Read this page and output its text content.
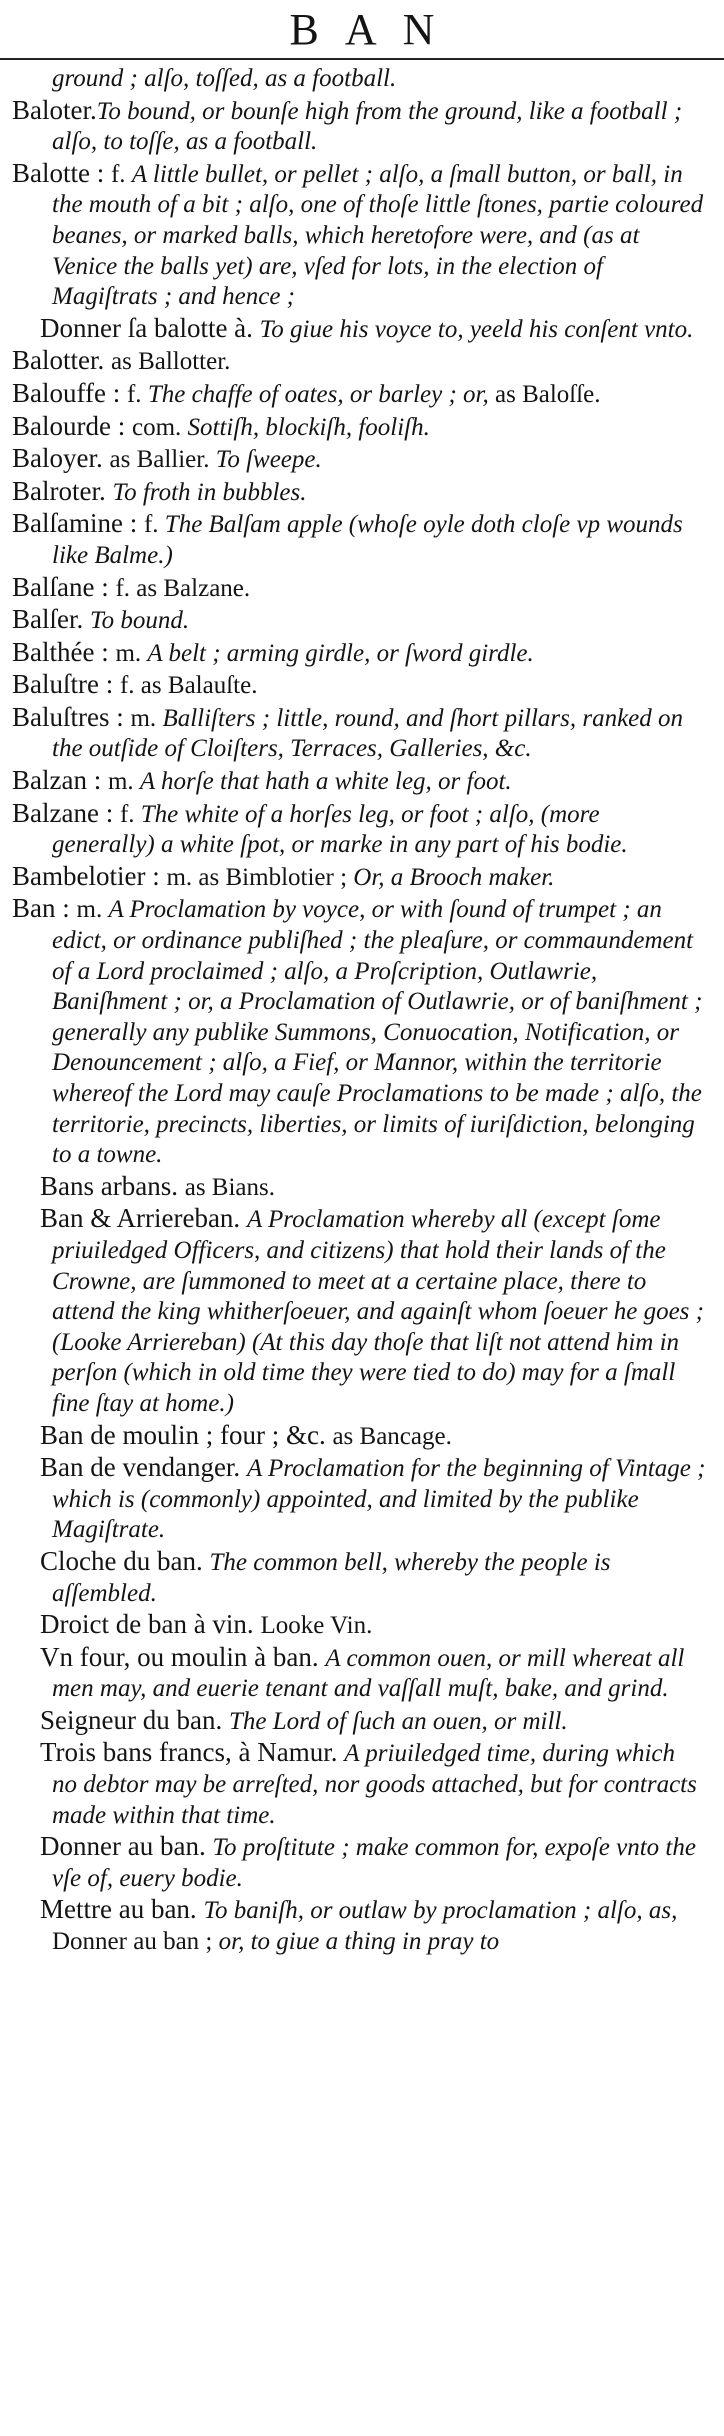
BAN

ground ; alſo, toſſed, as a football.

Baloter.To bound, or bounſe high from the ground, like a football ; alſo, to toſſe, as a football.

Balotte : f. A little bullet, or pellet ; alſo, a ſmall button, or ball, in the mouth of a bit ; alſo, one of thoſe little ſtones, partie coloured beanes, or marked balls, which heretofore were, and (as at Venice the balls yet) are, vſed for lots, in the election of Magiſtrats ; and hence ;

Donner ſa balotte à. To giue his voyce to, yeeld his conſent vnto.

Balotter. as Ballotter.

Balouffe : f. The chaffe of oates, or barley ; or, as Baloſſe.

Balourde : com. Sottiſh, blockiſh, fooliſh.

Baloyer. as Ballier. To ſweepe.

Balroter. To froth in bubbles.

Balſamine : f. The Balſam apple (whoſe oyle doth cloſe vp wounds like Balme.)

Balſane : f. as Balzane.

Balſer. To bound.

Balthée : m. A belt ; arming girdle, or ſword girdle.

Baluſtre : f. as Balauſte.

Baluſtres : m. Balliſters ; little, round, and ſhort pillars, ranked on the outſide of Cloiſters, Terraces, Galleries, &c.

Balzan : m. A horſe that hath a white leg, or foot.

Balzane : f. The white of a horſes leg, or foot ; alſo, (more generally) a white ſpot, or marke in any part of his bodie.

Bambelotier : m. as Bimblotier ; Or, a Brooch maker.

Ban : m. A Proclamation by voyce, or with ſound of trumpet ; an edict, or ordinance publiſhed ; the pleaſure, or commaundement of a Lord proclaimed ; alſo, a Proſcription, Outlawrie, Baniſhment ; or, a Proclamation of Outlawrie, or of baniſhment ; generally any publike Summons, Conuocation, Notification, or Denouncement ; alſo, a Fief, or Mannor, within the territorie whereof the Lord may cauſe Proclamations to be made ; alſo, the territorie, precincts, liberties, or limits of iuriſdiction, belonging to a towne.

Bans arbans. as Bians.

Ban & Arriereban. A Proclamation whereby all (except ſome priuiledged Officers, and citizens) that hold their lands of the Crowne, are ſummoned to meet at a certaine place, there to attend the king whitherſoeuer, and againſt whom ſoeuer he goes ; (Looke Arriereban) (At this day thoſe that liſt not attend him in perſon (which in old time they were tied to do) may for a ſmall fine ſtay at home.)

Ban de moulin ; four ; &c. as Bancage.

Ban de vendanger. A Proclamation for the beginning of Vintage ; which is (commonly) appointed, and limited by the publike Magiſtrate.

Cloche du ban. The common bell, whereby the people is aſſembled.

Droict de ban à vin. Looke Vin.

Vn four, ou moulin à ban. A common ouen, or mill whereat all men may, and euerie tenant and vaſſall muſt, bake, and grind.

Seigneur du ban. The Lord of ſuch an ouen, or mill.

Trois bans francs, à Namur. A priuiledged time, during which no debtor may be arreſted, nor goods attached, but for contracts made within that time.

Donner au ban. To proſtitute ; make common for, expoſe vnto the vſe of, euery bodie.

Mettre au ban. To baniſh, or outlaw by proclamation ; alſo, as, Donner au ban ; or, to giue a thing in pray to
